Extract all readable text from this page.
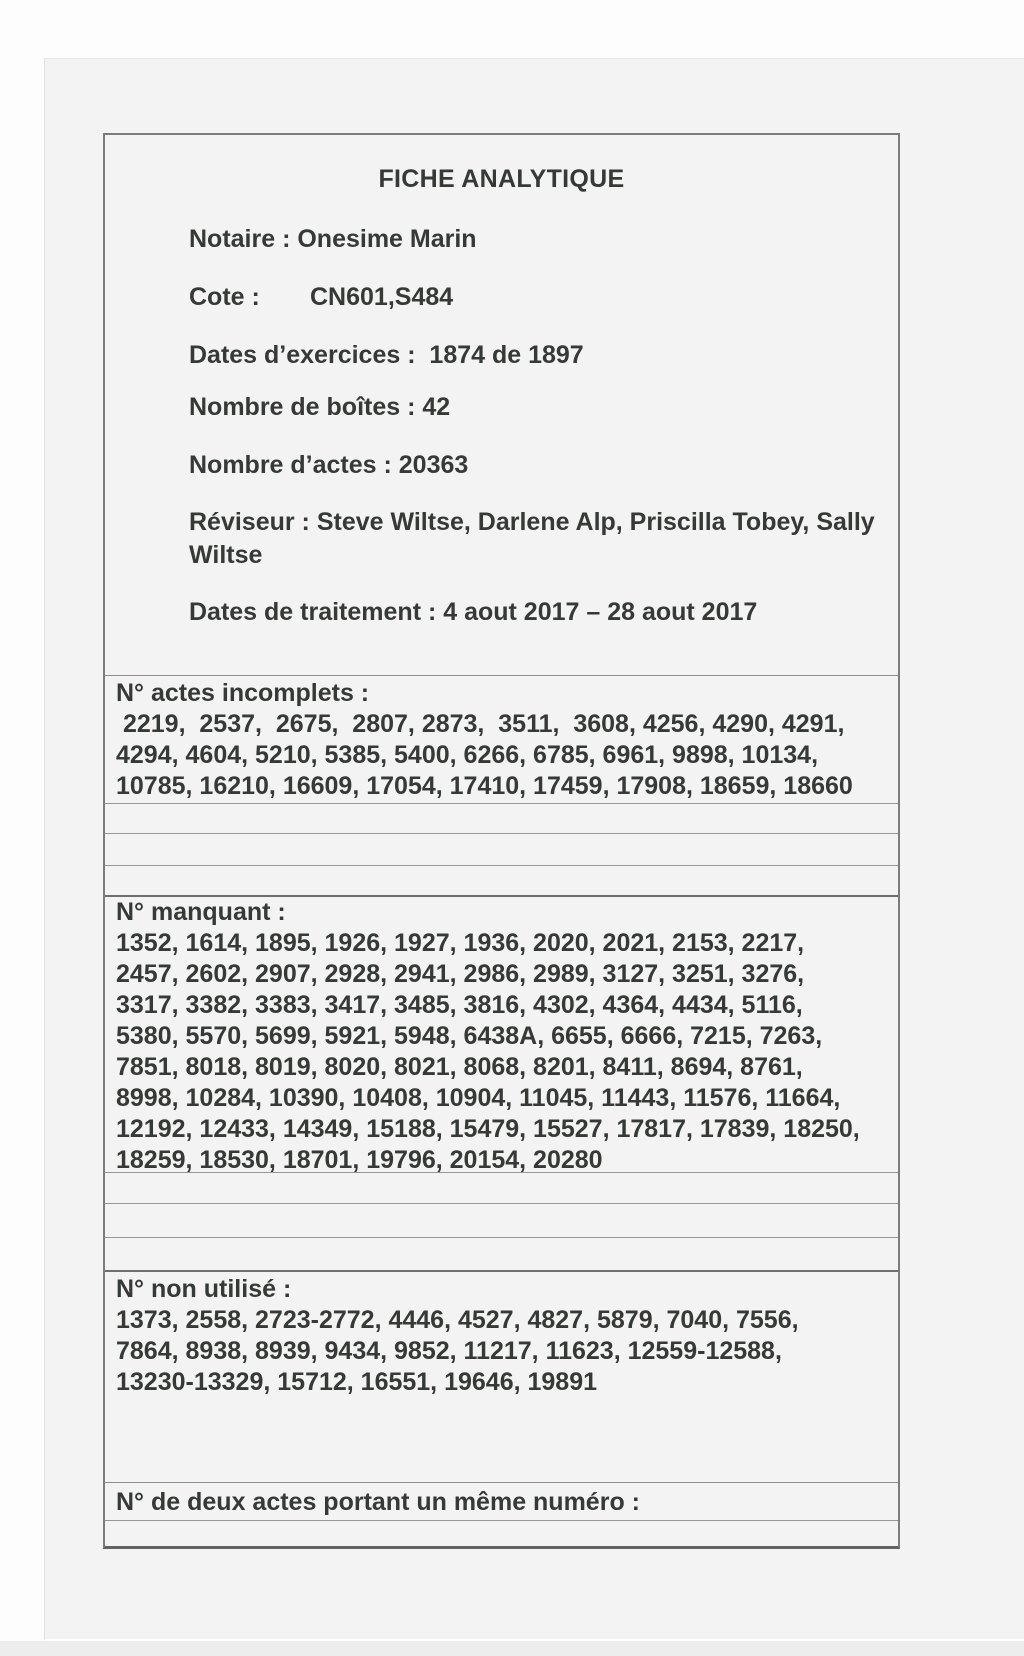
FICHE ANALYTIQUE
Notaire : Onesime Marin
Cote : CN601,S484
Dates d’exercices :  1874 de 1897
Nombre de boîtes : 42
Nombre d’actes : 20363
Réviseur : Steve Wiltse, Darlene Alp, Priscilla Tobey, Sally
Wiltse
Dates de traitement : 4 aout 2017 – 28 aout 2017
N° actes incomplets :
2219,  2537,  2675,  2807, 2873,  3511,  3608, 4256, 4290, 4291,
4294, 4604, 5210, 5385, 5400, 6266, 6785, 6961, 9898, 10134,
10785, 16210, 16609, 17054, 17410, 17459, 17908, 18659, 18660
N° manquant :
1352, 1614, 1895, 1926, 1927, 1936, 2020, 2021, 2153, 2217,
2457, 2602, 2907, 2928, 2941, 2986, 2989, 3127, 3251, 3276,
3317, 3382, 3383, 3417, 3485, 3816, 4302, 4364, 4434, 5116,
5380, 5570, 5699, 5921, 5948, 6438A, 6655, 6666, 7215, 7263,
7851, 8018, 8019, 8020, 8021, 8068, 8201, 8411, 8694, 8761,
8998, 10284, 10390, 10408, 10904, 11045, 11443, 11576, 11664,
12192, 12433, 14349, 15188, 15479, 15527, 17817, 17839, 18250,
18259, 18530, 18701, 19796, 20154, 20280
N° non utilisé :
1373, 2558, 2723-2772, 4446, 4527, 4827, 5879, 7040, 7556,
7864, 8938, 8939, 9434, 9852, 11217, 11623, 12559-12588,
13230-13329, 15712, 16551, 19646, 19891
N° de deux actes portant un même numéro :
